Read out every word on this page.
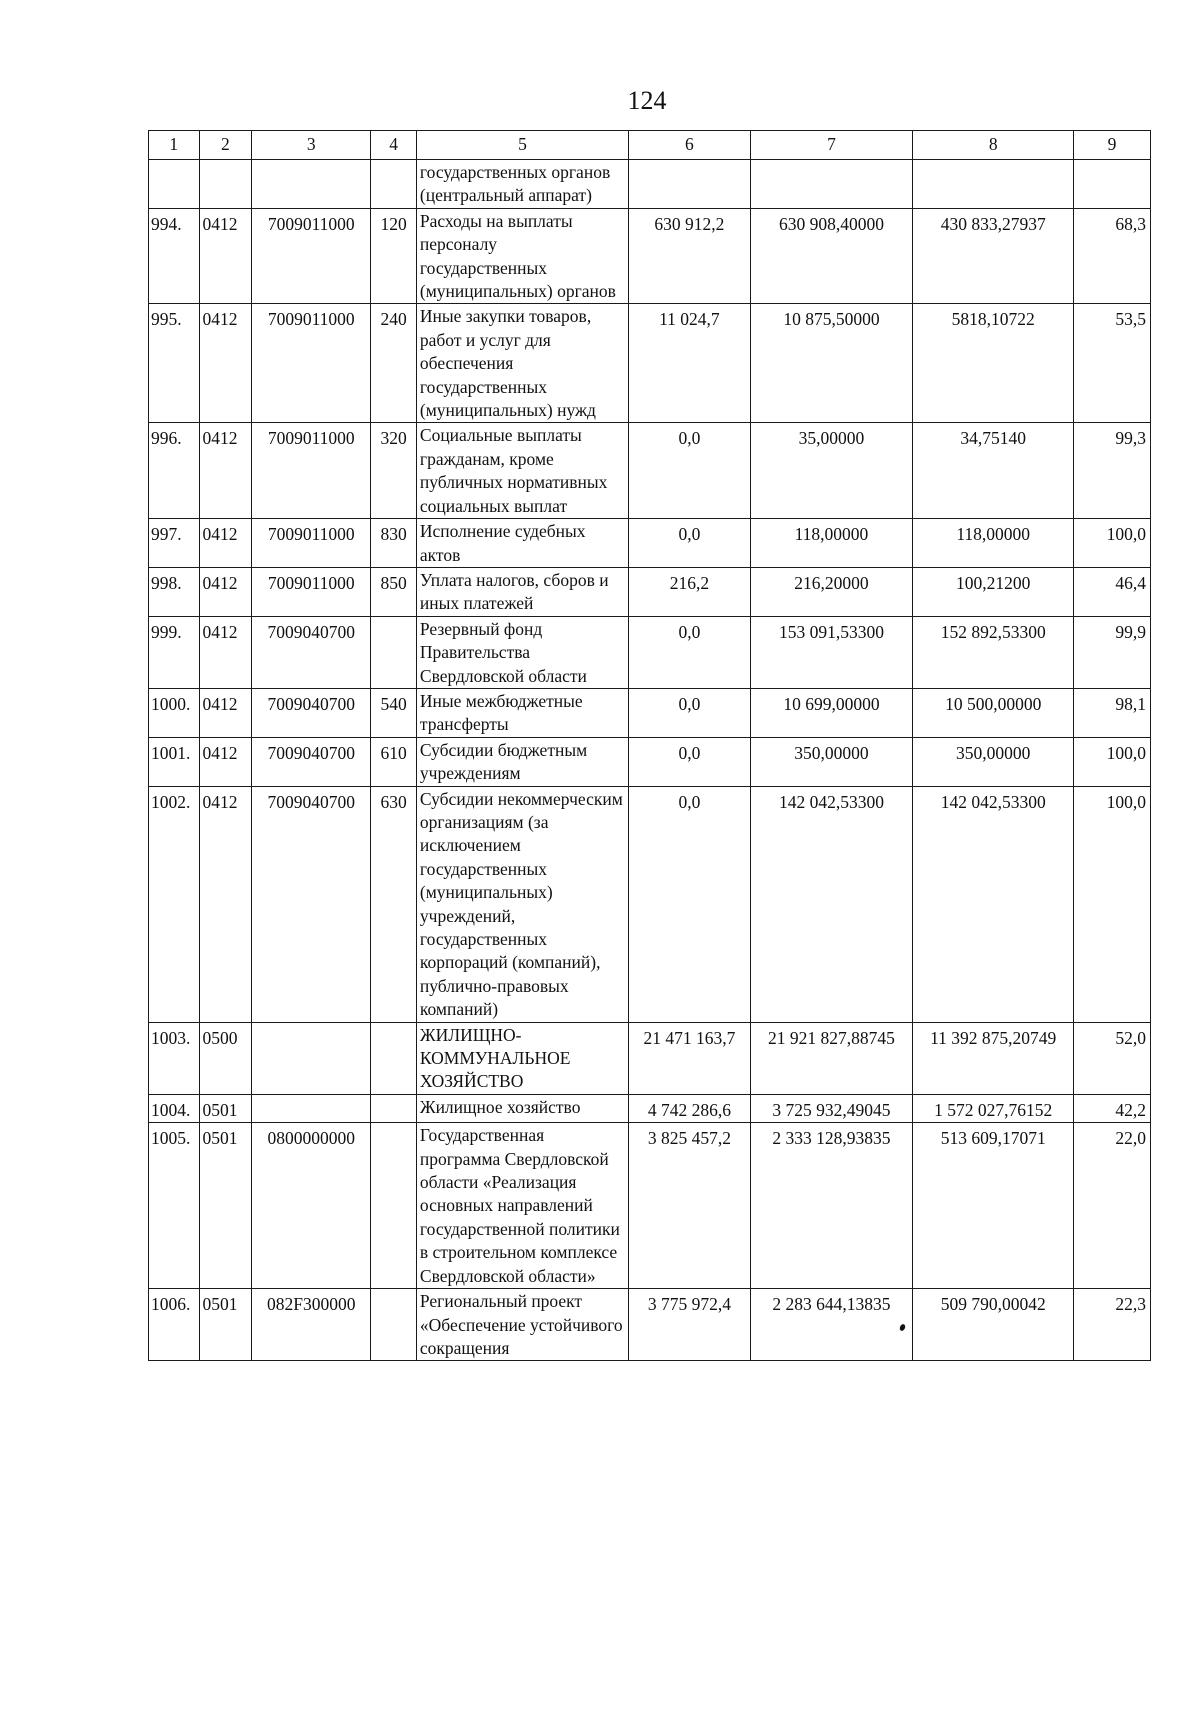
124
1	2	3	4	5	6	7	8	9
				государственных органов (центральный аппарат)				
994.	0412	7009011000	120	Расходы на выплаты персоналу государственных (муниципальных) органов	630 912,2	630 908,40000	430 833,27937	68,3
995.	0412	7009011000	240	Иные закупки товаров, работ и услуг для обеспечения государственных (муниципальных) нужд	11 024,7	10 875,50000	5818,10722	53,5
996.	0412	7009011000	320	Социальные выплаты гражданам, кроме публичных нормативных социальных выплат	0,0	35,00000	34,75140	99,3
997.	0412	7009011000	830	Исполнение судебных актов	0,0	118,00000	118,00000	100,0
998.	0412	7009011000	850	Уплата налогов, сборов и иных платежей	216,2	216,20000	100,21200	46,4
999.	0412	7009040700		Резервный фонд Правительства Свердловской области	0,0	153 091,53300	152 892,53300	99,9
1000.	0412	7009040700	540	Иные межбюджетные трансферты	0,0	10 699,00000	10 500,00000	98,1
1001.	0412	7009040700	610	Субсидии бюджетным учреждениям	0,0	350,00000	350,00000	100,0
1002.	0412	7009040700	630	Субсидии некоммерческим организациям (за исключением государственных (муниципальных) учреждений, государственных корпораций (компаний), публично-правовых компаний)	0,0	142 042,53300	142 042,53300	100,0
1003.	0500			ЖИЛИЩНО-КОММУНАЛЬНОЕ ХОЗЯЙСТВО	21 471 163,7	21 921 827,88745	11 392 875,20749	52,0
1004.	0501			Жилищное хозяйство	4 742 286,6	3 725 932,49045	1 572 027,76152	42,2
1005.	0501	0800000000		Государственная программа Свердловской области «Реализация основных направлений государственной политики в строительном комплексе Свердловской области»	3 825 457,2	2 333 128,93835	513 609,17071	22,0
1006.	0501	082F300000		Региональный проект «Обеспечение устойчивого сокращения	3 775 972,4	2 283 644,13835	509 790,00042	22,3
